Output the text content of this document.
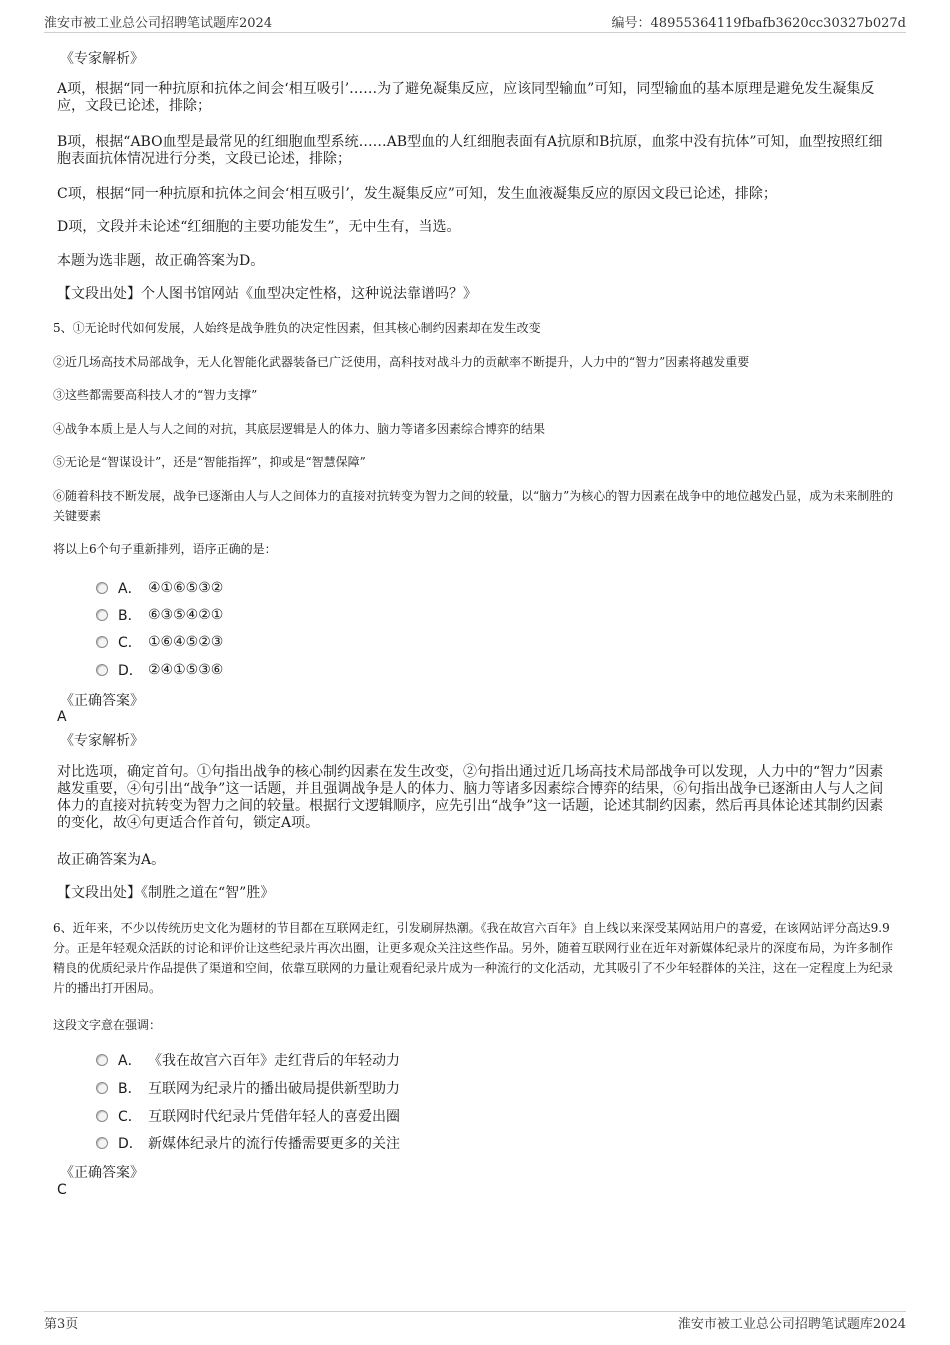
淮安市被工业总公司招聘笔试题库2024	编号：48955364119fbafb3620cc30327b027d
《专家解析》

A项，根据“同一种抗原和抗体之间会‘相互吸引’……为了避免凝集反应，应该同型输血”可知，同型输血的基本原理是避免发生凝集反应，文段已论述，排除；

B项，根据“ABO血型是最常见的红细胞血型系统……AB型血的人红细胞表面有A抗原和B抗原，血浆中没有抗体”可知，血型按照红细胞表面抗体情况进行分类，文段已论述，排除；

C项，根据“同一种抗原和抗体之间会‘相互吸引’，发生凝集反应”可知，发生血液凝集反应的原因文段已论述，排除；

D项，文段并未论述“红细胞的主要功能发生”，无中生有，当选。

本题为选非题，故正确答案为D。

【文段出处】个人图书馆网站《血型决定性格，这种说法靠谱吗？》

5、①无论时代如何发展，人始终是战争胜负的决定性因素，但其核心制约因素却在发生改变

②近几场高技术局部战争，无人化智能化武器装备已广泛使用，高科技对战斗力的贡献率不断提升，人力中的“智力”因素将越发重要

③这些都需要高科技人才的“智力支撑”

④战争本质上是人与人之间的对抗，其底层逻辑是人的体力、脑力等诸多因素综合博弈的结果

⑤无论是“智谋设计”，还是“智能指挥”，抑或是“智慧保障”

⑥随着科技不断发展，战争已逐渐由人与人之间体力的直接对抗转变为智力之间的较量，以“脑力”为核心的智力因素在战争中的地位越发凸显，成为未来制胜的关键要素

将以上6个句子重新排列，语序正确的是：

A． ④①⑥⑤③②
B． ⑥③⑤④②①
C． ①⑥④⑤②③
D． ②④①⑤③⑥
《正确答案》
A
《专家解析》

对比选项，确定首句。①句指出战争的核心制约因素在发生改变，②句指出通过近几场高技术局部战争可以发现，人力中的“智力”因素越发重要，④句引出“战争”这一话题，并且强调战争是人的体力、脑力等诸多因素综合博弈的结果，⑥句指出战争已逐渐由人与人之间体力的直接对抗转变为智力之间的较量。根据行文逻辑顺序，应先引出“战争”这一话题，论述其制约因素，然后再具体论述其制约因素的变化，故④句更适合作首句，锁定A项。

故正确答案为A。

【文段出处】《制胜之道在“智”胜》

6、近年来，不少以传统历史文化为题材的节目都在互联网走红，引发刷屏热潮。《我在故宫六百年》自上线以来深受某网站用户的喜爱，在该网站评分高达9.9分。正是年轻观众活跃的讨论和评价让这些纪录片再次出圈，让更多观众关注这些作品。另外，随着互联网行业在近年对新媒体纪录片的深度布局，为许多制作精良的优质纪录片作品提供了渠道和空间，依靠互联网的力量让观看纪录片成为一种流行的文化活动，尤其吸引了不少年轻群体的关注，这在一定程度上为纪录片的播出打开困局。

这段文字意在强调：

A． 《我在故宫六百年》走红背后的年轻动力
B． 互联网为纪录片的播出破局提供新型助力
C． 互联网时代纪录片凭借年轻人的喜爱出圈
D． 新媒体纪录片的流行传播需要更多的关注
《正确答案》
C
第3页	淮安市被工业总公司招聘笔试题库2024
